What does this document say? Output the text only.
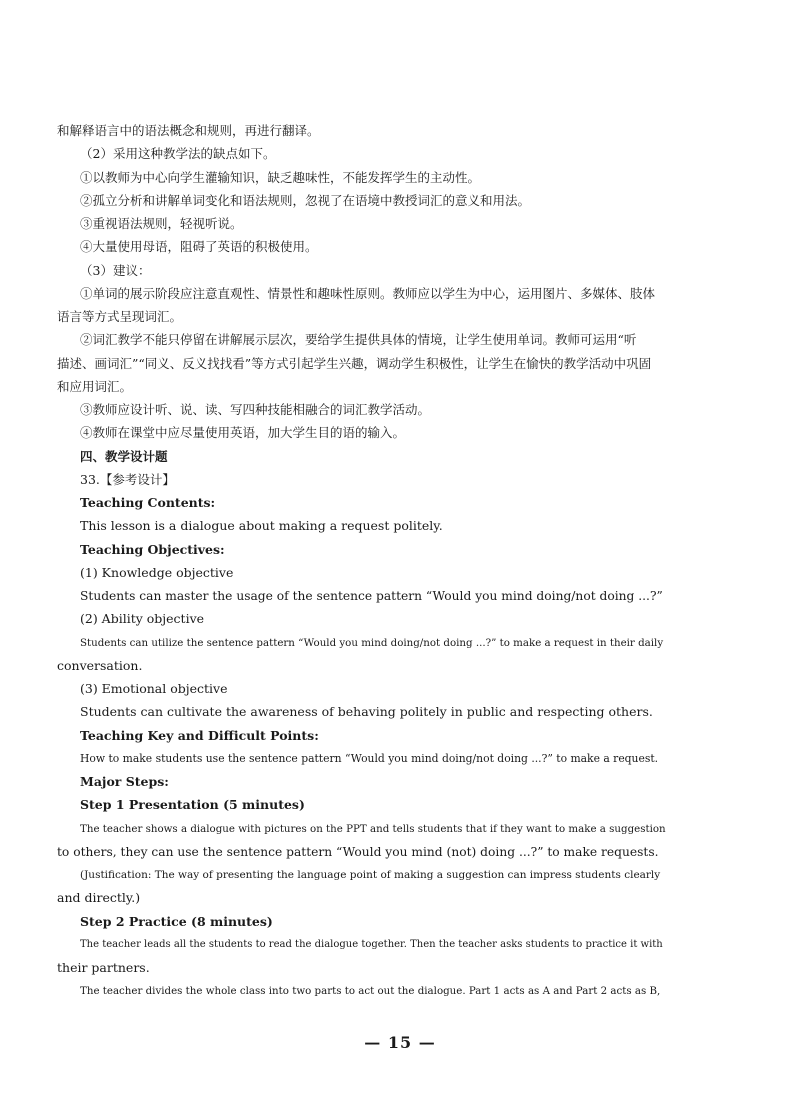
和解释语言中的语法概念和规则，再进行翻译。
（2）采用这种教学法的缺点如下。
①以教师为中心向学生灌输知识，缺乏趣味性，不能发挥学生的主动性。
②孤立分析和讲解单词变化和语法规则，忽视了在语境中教授词汇的意义和用法。
③重视语法规则，轻视听说。
④大量使用母语，阻碍了英语的积极使用。
（3）建议：
①单词的展示阶段应注意直观性、情景性和趣味性原则。教师应以学生为中心，运用图片、多媒体、肢体
语言等方式呈现词汇。
②词汇教学不能只停留在讲解展示层次，要给学生提供具体的情境，让学生使用单词。教师可运用“听
描述、画词汇”“同义、反义找找看”等方式引起学生兴趣，调动学生积极性，让学生在愉快的教学活动中巩固
和应用词汇。
③教师应设计听、说、读、写四种技能相融合的词汇教学活动。
④教师在课堂中应尽量使用英语，加大学生目的语的输入。
四、教学设计题
33.【参考设计】
Teaching Contents:
This lesson is a dialogue about making a request politely.
Teaching Objectives:
(1) Knowledge objective
Students can master the usage of the sentence pattern “Would you mind doing/not doing ...?”
(2) Ability objective
Students can utilize the sentence pattern “Would you mind doing/not doing ...?” to make a request in their daily
conversation.
(3) Emotional objective
Students can cultivate the awareness of behaving politely in public and respecting others.
Teaching Key and Difficult Points:
How to make students use the sentence pattern “Would you mind doing/not doing ...?” to make a request.
Major Steps:
Step 1 Presentation (5 minutes)
The teacher shows a dialogue with pictures on the PPT and tells students that if they want to make a suggestion
to others, they can use the sentence pattern “Would you mind (not) doing ...?” to make requests.
(Justification: The way of presenting the language point of making a suggestion can impress students clearly
and directly.)
Step 2 Practice (8 minutes)
The teacher leads all the students to read the dialogue together. Then the teacher asks students to practice it with
their partners.
The teacher divides the whole class into two parts to act out the dialogue. Part 1 acts as A and Part 2 acts as B,
— 15 —
